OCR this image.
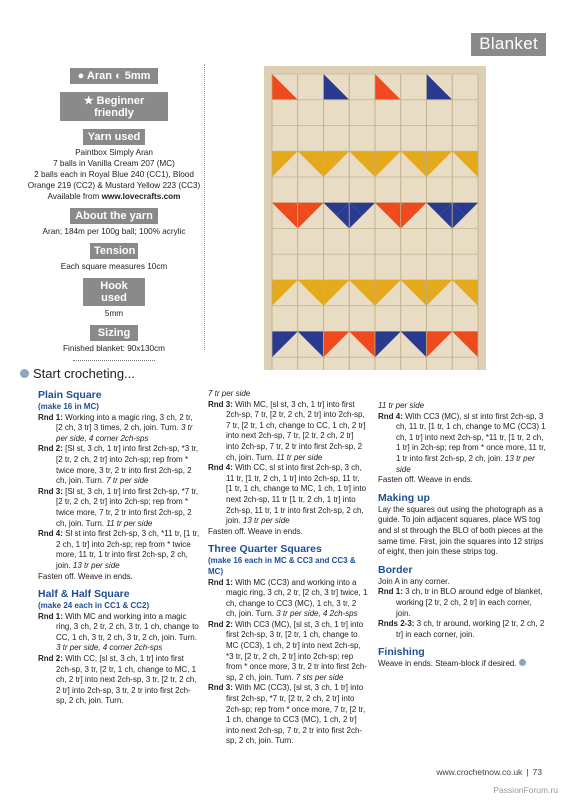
Blanket
● Aran ◐ 5mm
★ Beginner friendly
Yarn used
Paintbox Simply Aran
7 balls in Vanilla Cream 207 (MC)
2 balls each in Royal Blue 240 (CC1), Blood
Orange 219 (CC2) & Mustard Yellow 223 (CC3)
Available from www.lovecrafts.com
About the yarn
Aran; 184m per 100g ball; 100% acrylic
Tension
Each square measures 10cm
Hook used
5mm
Sizing
Finished blanket: 90x130cm
Start crocheting...
Plain Square
(make 16 in MC)

Rnd 1: Working into a magic ring, 3 ch, 2 tr, [2 ch, 3 tr] 3 times, 2 ch, join. Turn. 3 tr per side, 4 corner 2ch-sps

Rnd 2: [Sl st, 3 ch, 1 tr] into first 2ch-sp, *3 tr, [2 tr, 2 ch, 2 tr] into 2ch-sp; rep from * twice more, 3 tr, 2 tr into first 2ch-sp, 2 ch, join. Turn. 7 tr per side

Rnd 3: [Sl st, 3 ch, 1 tr] into first 2ch-sp, *7 tr, [2 tr, 2 ch, 2 tr] into 2ch-sp; rep from * twice more, 7 tr, 2 tr into first 2ch-sp, 2 ch, join. Turn. 11 tr per side

Rnd 4: Sl st into first 2ch-sp, 3 ch, *11 tr, [1 tr, 2 ch, 1 tr] into 2ch-sp; rep from * twice more, 11 tr, 1 tr into first 2ch-sp, 2 ch, join. 13 tr per side

Fasten off. Weave in ends.

Half & Half Square
(make 24 each in CC1 & CC2)

Rnd 1: With MC and working into a magic ring, 3 ch, 2 tr, 2 ch, 3 tr, 1 ch, change to CC, 1 ch, 3 tr, 2 ch, 3 tr, 2 ch, join. Turn. 3 tr per side, 4 corner 2ch-sps

Rnd 2: With CC, [sl st, 3 ch, 1 tr] into first 2ch-sp, 3 tr, [2 tr, 1 ch, change to MC, 1 ch, 2 tr] into next 2ch-sp, 3 tr, [2 tr, 2 ch, 2 tr] into 2ch-sp, 3 tr, 2 tr into first 2ch-sp, 2 ch, join. Turn.

7 tr per side

Rnd 3: With MC, [sl st, 3 ch, 1 tr] into first 2ch-sp, 7 tr, [2 tr, 2 ch, 2 tr] into 2ch-sp, 7 tr, [2 tr, 1 ch, change to CC, 1 ch, 2 tr] into next 2ch-sp, 7 tr, [2 tr, 2 ch, 2 tr] into 2ch-sp, 7 tr, 2 tr into first 2ch-sp, 2 ch, join. Turn. 11 tr per side

Rnd 4: With CC, sl st into first 2ch-sp, 3 ch, 11 tr, [1 tr, 2 ch, 1 tr] into 2ch-sp, 11 tr, [1 tr, 1 ch, change to MC, 1 ch, 1 tr] into next 2ch-sp, 11 tr [1 tr, 2 ch, 1 tr] into 2ch-sp, 11 tr, 1 tr into first 2ch-sp, 2 ch, join. 13 tr per side

Fasten off. Weave in ends.

Three Quarter Squares
(make 16 each in MC & CC3 and CC3 & MC)

Rnd 1: With MC (CC3) and working into a magic ring, 3 ch, 2 tr, [2 ch, 3 tr] twice, 1 ch, change to CC3 (MC), 1 ch, 3 tr, 2 ch, join. Turn. 3 tr per side, 4 2ch-sps

Rnd 2: With CC3 (MC), [sl st, 3 ch, 1 tr] into first 2ch-sp, 3 tr, [2 tr, 1 ch, change to MC (CC3), 1 ch, 2 tr] into next 2ch-sp, *3 tr, [2 tr, 2 ch, 2 tr] into 2ch-sp; rep from * once more, 3 tr, 2 tr into first 2ch-sp, 2 ch, join. Turn. 7 sts per side

Rnd 3: With MC (CC3), [sl st, 3 ch, 1 tr] into first 2ch-sp, *7 tr, [2 tr, 2 ch, 2 tr] into 2ch-sp; rep from * once more, 7 tr, [2 tr, 1 ch, change to CC3 (MC), 1 ch, 2 tr] into next 2ch-sp, 7 tr, 2 tr into first 2ch-sp, 2 ch, join. Turn.

11 tr per side

Rnd 4: With CC3 (MC), sl st into first 2ch-sp, 3 ch, 11 tr, [1 tr, 1 ch, change to MC (CC3) 1 ch, 1 tr] into next 2ch-sp, *11 tr, [1 tr, 2 ch, 1 tr] in 2ch-sp; rep from * once more, 11 tr, 1 tr into first 2ch-sp, 2 ch, join. 13 tr per side

Fasten off. Weave in ends.

Making up

Lay the squares out using the photograph as a guide. To join adjacent squares, place WS tog and sl st through the BLO of both pieces at the same time. First, join the squares into 12 strips of eight, then join these strips tog.

Border

Join A in any corner.

Rnd 1: 3 ch, tr in BLO around edge of blanket, working [2 tr, 2 ch, 2 tr] in each corner, join.

Rnds 2-3: 3 ch, tr around, working [2 tr, 2 ch, 2 tr] in each corner, join.

Finishing

Weave in ends. Steam-block if desired.

www.crochetnow.co.uk | 73
PassionForum.ru
